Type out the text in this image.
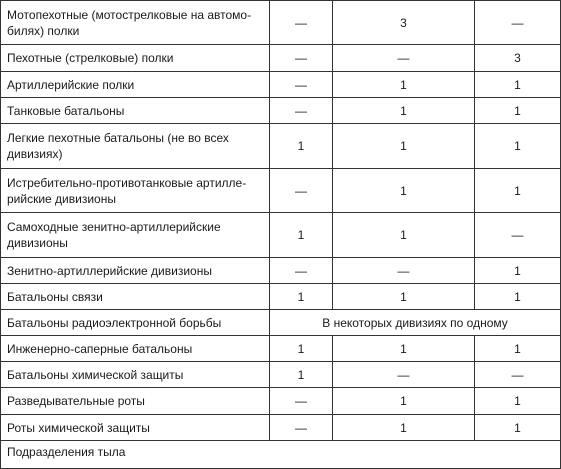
Мотопехотные (мотострелковые на автомо-
билях) полки	—	3	—
Пехотные (стрелковые) полки	—	—	3
Артиллерийские полки	—	1	1
Танковые батальоны	—	1	1
Легкие пехотные батальоны (не во всех
дивизиях)	1	1	1
Истребительно-противотанковые артилле-
рийские дивизионы	—	1	1
Самоходные зенитно-артиллерийские
дивизионы	1	1	—
Зенитно-артиллерийские дивизионы	—	—	1
Батальоны связи	1	1	1
Батальоны радиоэлектронной борьбы	В некоторых дивизиях по одному		
Инженерно-саперные батальоны	1	1	1
Батальоны химической защиты	1	—	—
Разведывательные роты	—	1	1
Роты химической защиты	—	1	1
Подразделения тыла			
